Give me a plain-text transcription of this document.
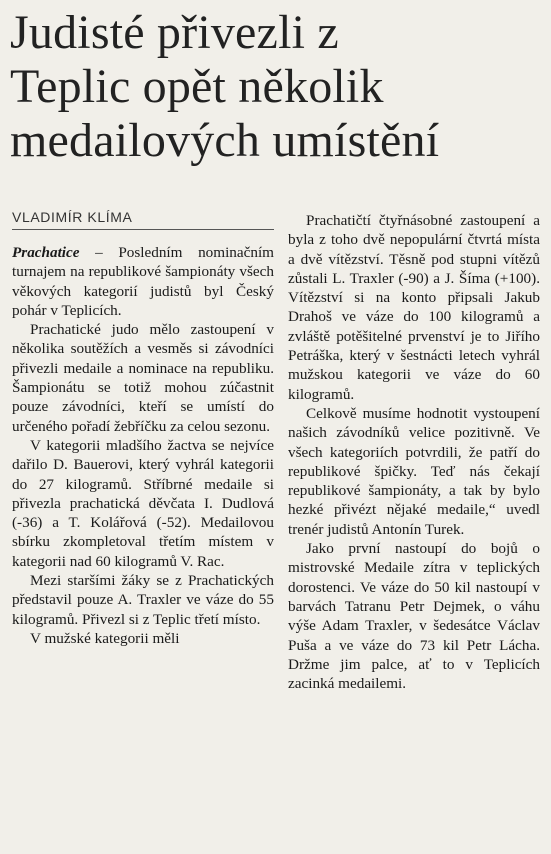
Judisté přivezli z
Teplic opět několik
medailových umístění
VLADIMÍR KLÍMA

Prachatice – Posledním nominačním turnajem na republikové šampionáty všech věkových kategorií judistů byl Český pohár v Teplicích.

Prachatické judo mělo zastoupení v několika soutěžích a vesměs si závodníci přivezli medaile a nominace na republiku. Šampionátu se totiž mohou zúčastnit pouze závodníci, kteří se umístí do určeného pořadí žebříčku za celou sezonu.

V kategorii mladšího žactva se nejvíce dařilo D. Bauerovi, který vyhrál kategorii do 27 kilogramů. Stříbrné medaile si přivezla prachatická děvčata I. Dudlová (-36) a T. Kolářová (-52). Medailovou sbírku zkompletoval třetím místem v kategorii nad 60 kilogramů V. Rac.

Mezi staršími žáky se z Prachatických představil pouze A. Traxler ve váze do 55 kilogramů. Přivezl si z Teplic třetí místo.

V mužské kategorii měli

Prachatičtí čtyřnásobné zastoupení a byla z toho dvě nepopulární čtvrtá místa a dvě vítězství. Těsně pod stupni vítězů zůstali L. Traxler (-90) a J. Šíma (+100). Vítězství si na konto připsali Jakub Drahoš ve váze do 100 kilogramů a zvláště potěšitelné prvenství je to Jiřího Petráška, který v šestnácti letech vyhrál mužskou kategorii ve váze do 60 kilogramů.

Celkově musíme hodnotit vystoupení našich závodníků velice pozitivně. Ve všech kategoriích potvrdili, že patří do republikové špičky. Teď nás čekají republikové šampionáty, a tak by bylo hezké přivézt nějaké medaile,“ uvedl trenér judistů Antonín Turek.

Jako první nastoupí do bojů o mistrovské Medaile zítra v teplických dorostenci. Ve váze do 50 kil nastoupí v barvách Tatranu Petr Dejmek, o váhu výše Adam Traxler, v šedesátce Václav Puša a ve váze do 73 kil Petr Lácha. Držme jim palce, ať to v Teplicích zacinká medailemi.
